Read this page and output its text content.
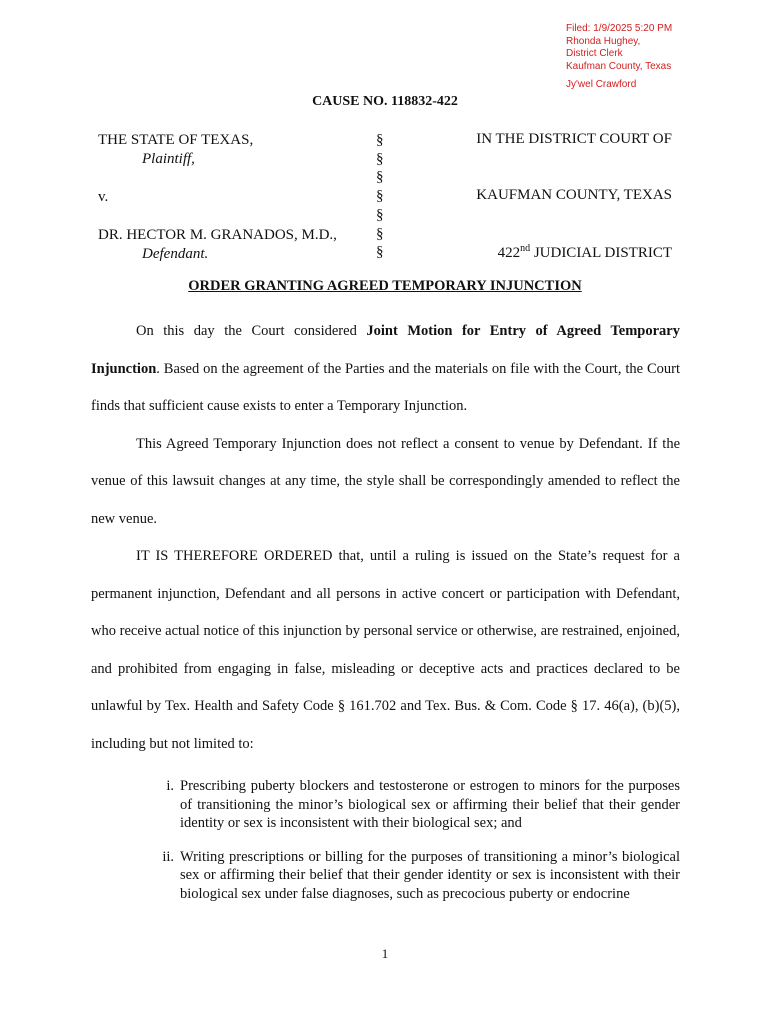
Filed: 1/9/2025 5:20 PM
Rhonda Hughey,
District Clerk
Kaufman County, Texas
Jy'wel Crawford
CAUSE NO. 118832-422
THE STATE OF TEXAS,
Plaintiff,
v.
DR. HECTOR M. GRANADOS, M.D.,
Defendant.
§
§
§
§
§
§
§
IN THE DISTRICT COURT OF
KAUFMAN COUNTY, TEXAS
422nd JUDICIAL DISTRICT
ORDER GRANTING AGREED TEMPORARY INJUNCTION

On this day the Court considered Joint Motion for Entry of Agreed Temporary Injunction. Based on the agreement of the Parties and the materials on file with the Court, the Court finds that sufficient cause exists to enter a Temporary Injunction.

This Agreed Temporary Injunction does not reflect a consent to venue by Defendant. If the venue of this lawsuit changes at any time, the style shall be correspondingly amended to reflect the new venue.

IT IS THEREFORE ORDERED that, until a ruling is issued on the State’s request for a permanent injunction, Defendant and all persons in active concert or participation with Defendant, who receive actual notice of this injunction by personal service or otherwise, are restrained, enjoined, and prohibited from engaging in false, misleading or deceptive acts and practices declared to be unlawful by Tex. Health and Safety Code § 161.702 and Tex. Bus. & Com. Code § 17. 46(a), (b)(5), including but not limited to:

i. Prescribing puberty blockers and testosterone or estrogen to minors for the purposes of transitioning the minor’s biological sex or affirming their belief that their gender identity or sex is inconsistent with their biological sex; and
ii. Writing prescriptions or billing for the purposes of transitioning a minor’s biological sex or affirming their belief that their gender identity or sex is inconsistent with their biological sex under false diagnoses, such as precocious puberty or endocrine
1
